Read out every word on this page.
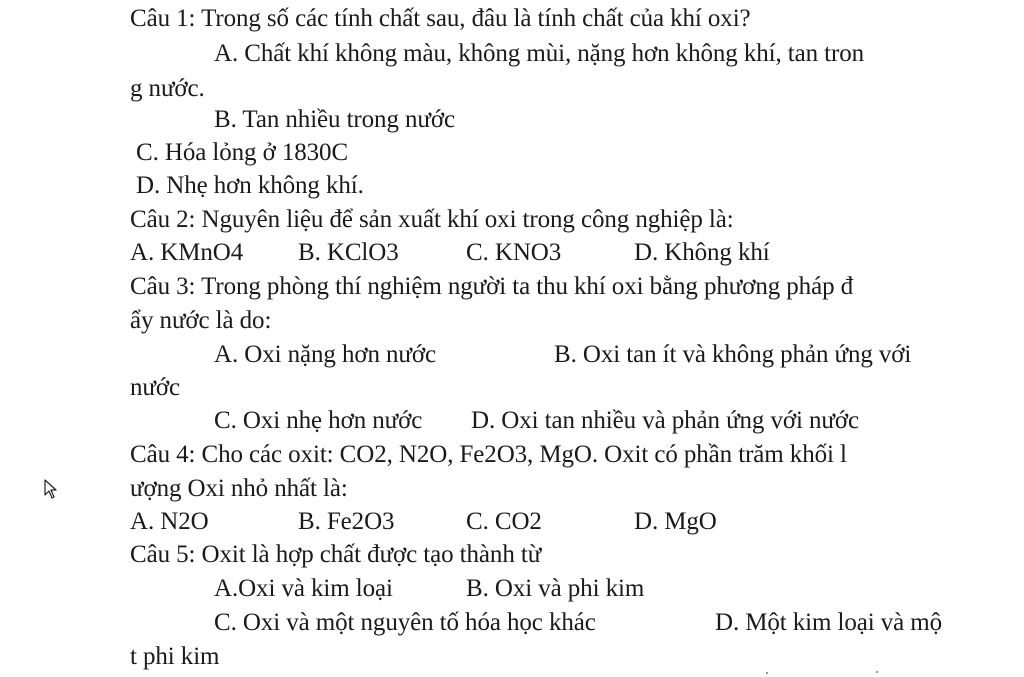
Câu 1: Trong số các tính chất sau, đâu là tính chất của khí oxi?
A. Chất khí không màu, không mùi, nặng hơn không khí, tan tron
g nước.
B. Tan nhiều trong nước
C. Hóa lỏng ở 1830C
D. Nhẹ hơn không khí.
Câu 2: Nguyên liệu để sản xuất khí oxi trong công nghiệp là:
A. KMnO4 B. KClO3	C. KNO3	D. Không khí
Câu 3: Trong phòng thí nghiệm người ta thu khí oxi bằng phương pháp đ
ẩy nước là do:
A. Oxi nặng hơn nước	B. Oxi tan ít và không phản ứng với
nước
C. Oxi nhẹ hơn nước D. Oxi tan nhiều và phản ứng với nước
Câu 4: Cho các oxit: CO2, N2O, Fe2O3, MgO. Oxit có phần trăm khối l
ượng Oxi nhỏ nhất là:
A. N2O	B. Fe2O3	C. CO2	D. MgO
Câu 5: Oxit là hợp chất được tạo thành từ
A.Oxi và kim loại	B. Oxi và phi kim
C. Oxi và một nguyên tố hóa học khác	D. Một kim loại và mộ
t phi kim
